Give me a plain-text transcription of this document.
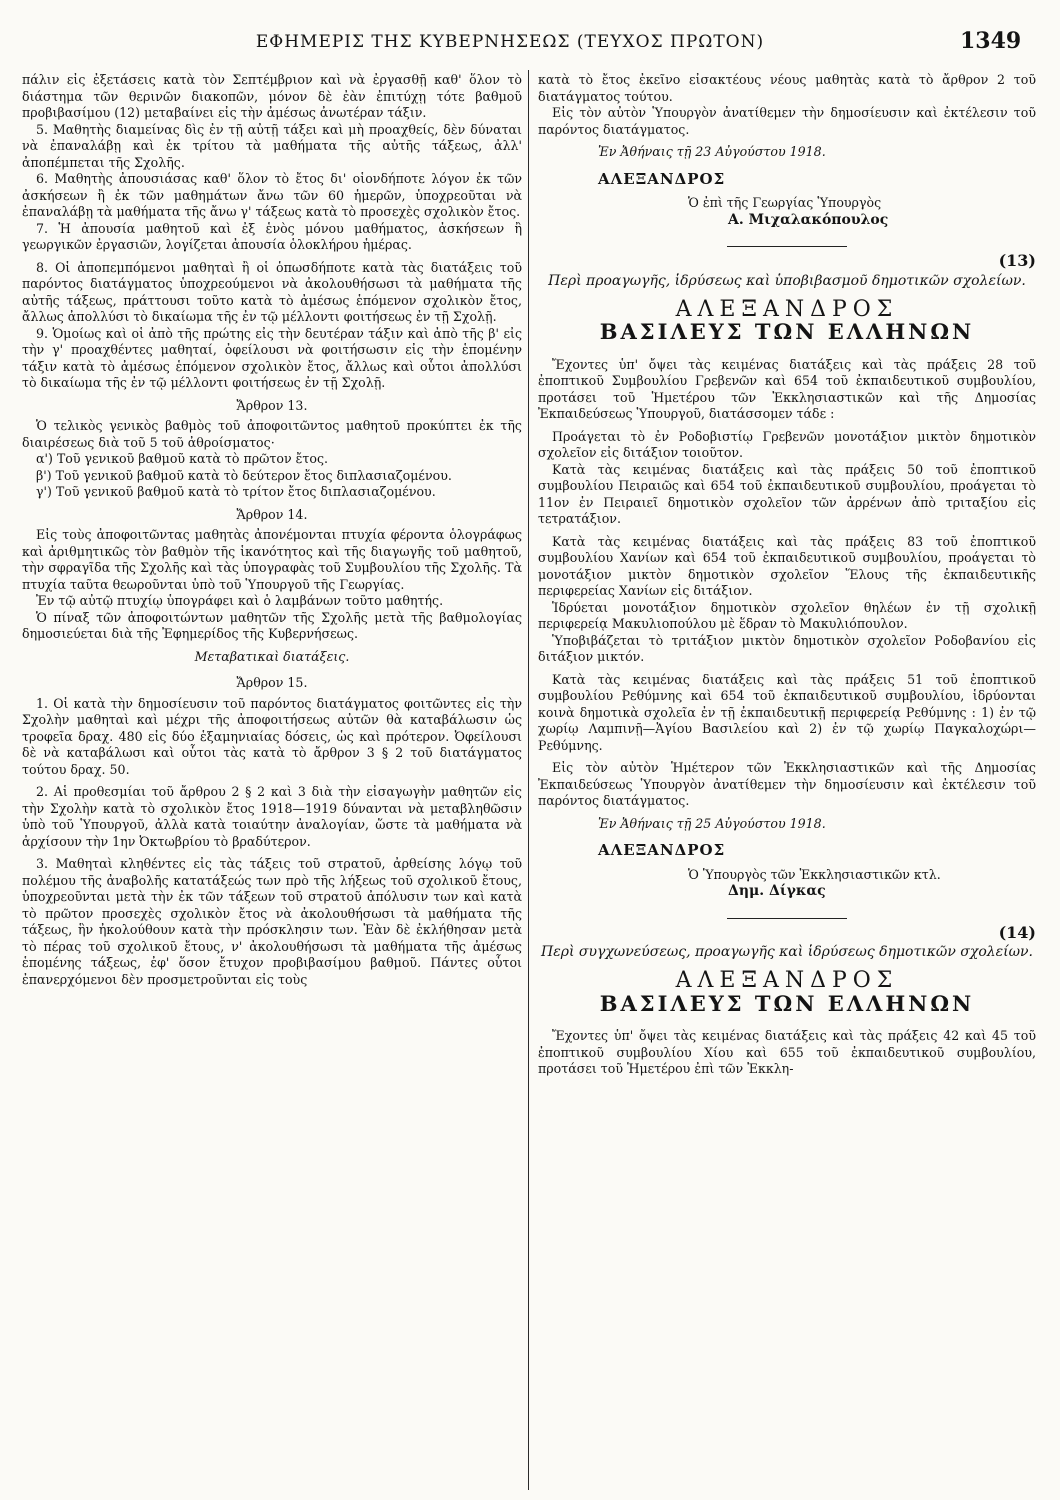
ΕΦΗΜΕΡΙΣ ΤΗΣ ΚΥΒΕΡΝΗΣΕΩΣ (ΤΕΥΧΟΣ ΠΡΩΤΟΝ)	1349

πάλιν εἰς ἐξετάσεις κατὰ τὸν Σεπτέμβριον καὶ νὰ ἐργασθῇ καθ' ὅλον τὸ διάστημα τῶν θερινῶν διακοπῶν, μόνον δὲ ἐὰν ἐπιτύχῃ τότε βαθμοῦ προβιβασίμου (12) μεταβαίνει εἰς τὴν ἀμέσως ἀνωτέραν τάξιν.

5. Μαθητὴς διαμείνας δὶς ἐν τῇ αὐτῇ τάξει καὶ μὴ προαχθείς, δὲν δύναται νὰ ἐπαναλάβῃ καὶ ἐκ τρίτου τὰ μαθήματα τῆς αὐτῆς τάξεως, ἀλλ' ἀποπέμπεται τῆς Σχολῆς.

6. Μαθητὴς ἀπουσιάσας καθ' ὅλον τὸ ἔτος δι' οἱονδήποτε λόγον ἐκ τῶν ἀσκήσεων ἢ ἐκ τῶν μαθημάτων ἄνω τῶν 60 ἡμερῶν, ὑποχρεοῦται νὰ ἐπαναλάβῃ τὰ μαθήματα τῆς ἄνω γ' τάξεως κατὰ τὸ προσεχὲς σχολικὸν ἔτος.

7. Ἡ ἀπουσία μαθητοῦ καὶ ἐξ ἑνὸς μόνου μαθήματος, ἀσκήσεων ἢ γεωργικῶν ἐργασιῶν, λογίζεται ἀπουσία ὁλοκλήρου ἡμέρας.

8. Οἱ ἀποπεμπόμενοι μαθηταὶ ἢ οἱ ὁπωσδήποτε κατὰ τὰς διατάξεις τοῦ παρόντος διατάγματος ὑποχρεούμενοι νὰ ἀκολουθήσωσι τὰ μαθήματα τῆς αὐτῆς τάξεως, πράττουσι τοῦτο κατὰ τὸ ἀμέσως ἑπόμενον σχολικὸν ἔτος, ἄλλως ἀπολλύσι τὸ δικαίωμα τῆς ἐν τῷ μέλλοντι φοιτήσεως ἐν τῇ Σχολῇ.

9. Ὁμοίως καὶ οἱ ἀπὸ τῆς πρώτης εἰς τὴν δευτέραν τάξιν καὶ ἀπὸ τῆς β' εἰς τὴν γ' προαχθέντες μαθηταί, ὀφείλουσι νὰ φοιτήσωσιν εἰς τὴν ἑπομένην τάξιν κατὰ τὸ ἀμέσως ἑπόμενον σχολικὸν ἔτος, ἄλλως καὶ οὗτοι ἀπολλύσι τὸ δικαίωμα τῆς ἐν τῷ μέλλοντι φοιτήσεως ἐν τῇ Σχολῇ.

Ἄρθρον 13.

Ὁ τελικὸς γενικὸς βαθμὸς τοῦ ἀποφοιτῶντος μαθητοῦ προκύπτει ἐκ τῆς διαιρέσεως διὰ τοῦ 5 τοῦ ἀθροίσματος·

α') Τοῦ γενικοῦ βαθμοῦ κατὰ τὸ πρῶτον ἔτος.

β') Τοῦ γενικοῦ βαθμοῦ κατὰ τὸ δεύτερον ἔτος διπλασιαζομένου.

γ') Τοῦ γενικοῦ βαθμοῦ κατὰ τὸ τρίτον ἔτος διπλασιαζομένου.

Ἄρθρον 14.

Εἰς τοὺς ἀποφοιτῶντας μαθητὰς ἀπονέμονται πτυχία φέροντα ὁλογράφως καὶ ἀριθμητικῶς τὸν βαθμὸν τῆς ἱκανότητος καὶ τῆς διαγωγῆς τοῦ μαθητοῦ, τὴν σφραγῖδα τῆς Σχολῆς καὶ τὰς ὑπογραφὰς τοῦ Συμβουλίου τῆς Σχολῆς. Τὰ πτυχία ταῦτα θεωροῦνται ὑπὸ τοῦ Ὑπουργοῦ τῆς Γεωργίας.

Ἐν τῷ αὐτῷ πτυχίῳ ὑπογράφει καὶ ὁ λαμβάνων τοῦτο μαθητής.

Ὁ πίναξ τῶν ἀποφοιτώντων μαθητῶν τῆς Σχολῆς μετὰ τῆς βαθμολογίας δημοσιεύεται διὰ τῆς Ἐφημερίδος τῆς Κυβερνήσεως.

Μεταβατικαὶ διατάξεις.
Ἄρθρον 15.

1. Οἱ κατὰ τὴν δημοσίευσιν τοῦ παρόντος διατάγματος φοιτῶντες εἰς τὴν Σχολὴν μαθηταὶ καὶ μέχρι τῆς ἀποφοιτήσεως αὐτῶν θὰ καταβάλωσιν ὡς τροφεῖα δραχ. 480 εἰς δύο ἑξαμηνιαίας δόσεις, ὡς καὶ πρότερον. Ὀφείλουσι δὲ νὰ καταβάλωσι καὶ οὗτοι τὰς κατὰ τὸ ἄρθρον 3 § 2 τοῦ διατάγματος τούτου δραχ. 50.

2. Αἱ προθεσμίαι τοῦ ἄρθρου 2 § 2 καὶ 3 διὰ τὴν εἰσαγωγὴν μαθητῶν εἰς τὴν Σχολὴν κατὰ τὸ σχολικὸν ἔτος 1918—1919 δύνανται νὰ μεταβληθῶσιν ὑπὸ τοῦ Ὑπουργοῦ, ἀλλὰ κατὰ τοιαύτην ἀναλογίαν, ὥστε τὰ μαθήματα νὰ ἀρχίσουν τὴν 1ην Ὀκτωβρίου τὸ βραδύτερον.

3. Μαθηταὶ κληθέντες εἰς τὰς τάξεις τοῦ στρατοῦ, ἀρθείσης λόγῳ τοῦ πολέμου τῆς ἀναβολῆς κατατάξεώς των πρὸ τῆς λήξεως τοῦ σχολικοῦ ἔτους, ὑποχρεοῦνται μετὰ τὴν ἐκ τῶν τάξεων τοῦ στρατοῦ ἀπόλυσιν των καὶ κατὰ τὸ πρῶτον προσεχὲς σχολικὸν ἔτος νὰ ἀκολουθήσωσι τὰ μαθήματα τῆς τάξεως, ἣν ἠκολούθουν κατὰ τὴν πρόσκλησιν των. Ἐὰν δὲ ἐκλήθησαν μετὰ τὸ πέρας τοῦ σχολικοῦ ἔτους, ν' ἀκολουθήσωσι τὰ μαθήματα τῆς ἀμέσως ἑπομένης τάξεως, ἐφ' ὅσον ἔτυχον προβιβασίμου βαθμοῦ. Πάντες οὗτοι ἐπανερχόμενοι δὲν προσμετροῦνται εἰς τοὺς

κατὰ τὸ ἔτος ἐκεῖνο εἰσακτέους νέους μαθητὰς κατὰ τὸ ἄρθρον 2 τοῦ διατάγματος τούτου.

Εἰς τὸν αὐτὸν Ὑπουργὸν ἀνατίθεμεν τὴν δημοσίευσιν καὶ ἐκτέλεσιν τοῦ παρόντος διατάγματος.

Ἐν Ἀθήναις τῇ 23 Αὐγούστου 1918.

ΑΛΕΞΑΝΔΡΟΣ
Ὁ ἐπὶ τῆς Γεωργίας Ὑπουργὸς
Α. Μιχαλακόπουλος
(13)
Περὶ προαγωγῆς, ἱδρύσεως καὶ ὑποβιβασμοῦ δημοτικῶν σχολείων.
ΑΛΕΞΑΝΔΡΟΣ
ΒΑΣΙΛΕΥΣ ΤΩΝ ΕΛΛΗΝΩΝ

Ἔχοντες ὑπ' ὄψει τὰς κειμένας διατάξεις καὶ τὰς πράξεις 28 τοῦ ἐποπτικοῦ Συμβουλίου Γρεβενῶν καὶ 654 τοῦ ἐκπαιδευτικοῦ συμβουλίου, προτάσει τοῦ Ἡμετέρου τῶν Ἐκκλησιαστικῶν καὶ τῆς Δημοσίας Ἐκπαιδεύσεως Ὑπουργοῦ, διατάσσομεν τάδε :

Προάγεται τὸ ἐν Ροδοβιστίῳ Γρεβενῶν μονοτάξιον μικτὸν δημοτικὸν σχολεῖον εἰς διτάξιον τοιοῦτον.

Κατὰ τὰς κειμένας διατάξεις καὶ τὰς πράξεις 50 τοῦ ἐποπτικοῦ συμβουλίου Πειραιῶς καὶ 654 τοῦ ἐκπαιδευτικοῦ συμβουλίου, προάγεται τὸ 11ον ἐν Πειραιεῖ δημοτικὸν σχολεῖον τῶν ἀρρένων ἀπὸ τριταξίου εἰς τετρατάξιον.

Κατὰ τὰς κειμένας διατάξεις καὶ τὰς πράξεις 83 τοῦ ἐποπτικοῦ συμβουλίου Χανίων καὶ 654 τοῦ ἐκπαιδευτικοῦ συμβουλίου, προάγεται τὸ μονοτάξιον μικτὸν δημοτικὸν σχολεῖον Ἕλους τῆς ἐκπαιδευτικῆς περιφερείας Χανίων εἰς διτάξιον.

Ἱδρύεται μονοτάξιον δημοτικὸν σχολεῖον θηλέων ἐν τῇ σχολικῇ περιφερείᾳ Μακυλιοπούλου μὲ ἕδραν τὸ Μακυλιόπουλον.

Ὑποβιβάζεται τὸ τριτάξιον μικτὸν δημοτικὸν σχολεῖον Ροδοβανίου εἰς διτάξιον μικτόν.

Κατὰ τὰς κειμένας διατάξεις καὶ τὰς πράξεις 51 τοῦ ἐποπτικοῦ συμβουλίου Ρεθύμνης καὶ 654 τοῦ ἐκπαιδευτικοῦ συμβουλίου, ἱδρύονται κοινὰ δημοτικὰ σχολεῖα ἐν τῇ ἐκπαιδευτικῇ περιφερείᾳ Ρεθύμνης : 1) ἐν τῷ χωρίῳ Λαμπινῇ—Ἁγίου Βασιλείου καὶ 2) ἐν τῷ χωρίῳ Παγκαλοχώρι—Ρεθύμνης.

Εἰς τὸν αὐτὸν Ἡμέτερον τῶν Ἐκκλησιαστικῶν καὶ τῆς Δημοσίας Ἐκπαιδεύσεως Ὑπουργὸν ἀνατίθεμεν τὴν δημοσίευσιν καὶ ἐκτέλεσιν τοῦ παρόντος διατάγματος.

Ἐν Ἀθήναις τῇ 25 Αὐγούστου 1918.

ΑΛΕΞΑΝΔΡΟΣ
Ὁ Ὑπουργὸς τῶν Ἐκκλησιαστικῶν κτλ.
Δημ. Δίγκας
(14)
Περὶ συγχωνεύσεως, προαγωγῆς καὶ ἱδρύσεως δημοτικῶν σχολείων.
ΑΛΕΞΑΝΔΡΟΣ
ΒΑΣΙΛΕΥΣ ΤΩΝ ΕΛΛΗΝΩΝ

Ἔχοντες ὑπ' ὄψει τὰς κειμένας διατάξεις καὶ τὰς πράξεις 42 καὶ 45 τοῦ ἐποπτικοῦ συμβουλίου Χίου καὶ 655 τοῦ ἐκπαιδευτικοῦ συμβουλίου, προτάσει τοῦ Ἡμετέρου ἐπὶ τῶν Ἐκκλη-
